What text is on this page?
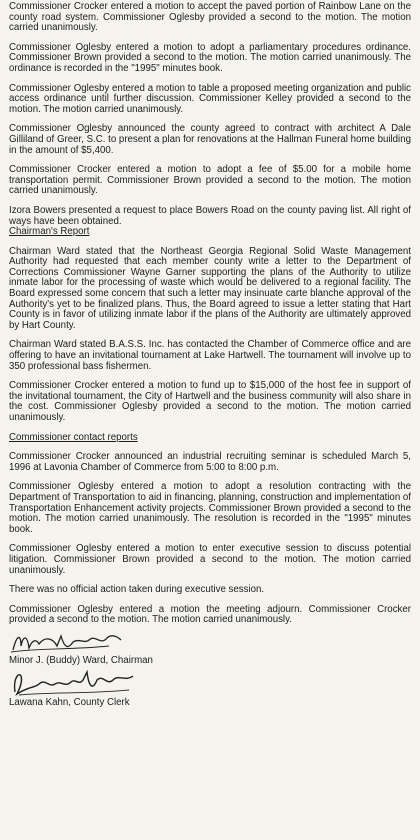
Commissioner Crocker entered a motion to accept the paved portion of Rainbow Lane on the county road system. Commissioner Oglesby provided a second to the motion. The motion carried unanimously.

Commissioner Oglesby entered a motion to adopt a parliamentary procedures ordinance. Commissioner Brown provided a second to the motion. The motion carried unanimously. The ordinance is recorded in the "1995" minutes book.

Commissioner Oglesby entered a motion to table a proposed meeting organization and public access ordinance until further discussion. Commissioner Kelley provided a second to the motion. The motion carried unanimously.

Commissioner Oglesby announced the county agreed to contract with architect A Dale Gilliland of Greer, S.C. to present a plan for renovations at the Hallman Funeral home building in the amount of $5,400.

Commissioner Crocker entered a motion to adopt a fee of $5.00 for a mobile home transportation permit. Commissioner Brown provided a second to the motion. The motion carried unanimously.

Izora Bowers presented a request to place Bowers Road on the county paving list. All right of ways have been obtained.

Chairman's Report

Chairman Ward stated that the Northeast Georgia Regional Solid Waste Management Authority had requested that each member county write a letter to the Department of Corrections Commissioner Wayne Garner supporting the plans of the Authority to utilize inmate labor for the processing of waste which would be delivered to a regional facility. The Board expressed some concern that such a letter may insinuate carte blanche approval of the Authority's yet to be finalized plans. Thus, the Board agreed to issue a letter stating that Hart County is in favor of utilizing inmate labor if the plans of the Authority are ultimately approved by Hart County.

Chairman Ward stated B.A.S.S. Inc. has contacted the Chamber of Commerce office and are offering to have an invitational tournament at Lake Hartwell. The tournament will involve up to 350 professional bass fishermen.

Commissioner Crocker entered a motion to fund up to $15,000 of the host fee in support of the invitational tournament, the City of Hartwell and the business community will also share in the cost. Commissioner Oglesby provided a second to the motion. The motion carried unanimously.

Commissioner contact reports

Commissioner Crocker announced an industrial recruiting seminar is scheduled March 5, 1996 at Lavonia Chamber of Commerce from 5:00 to 8:00 p.m.

Commissioner Oglesby entered a motion to adopt a resolution contracting with the Department of Transportation to aid in financing, planning, construction and implementation of Transportation Enhancement activity projects. Commissioner Brown provided a second to the motion. The motion carried unanimously. The resolution is recorded in the "1995" minutes book.

Commissioner Oglesby entered a motion to enter executive session to discuss potential litigation. Commissioner Brown provided a second to the motion. The motion carried unanimously.

There was no official action taken during executive session.

Commissioner Oglesby entered a motion the meeting adjourn. Commissioner Crocker provided a second to the motion. The motion carried unanimously.

Minor J. (Buddy) Ward, Chairman
Lawana Kahn, County Clerk
